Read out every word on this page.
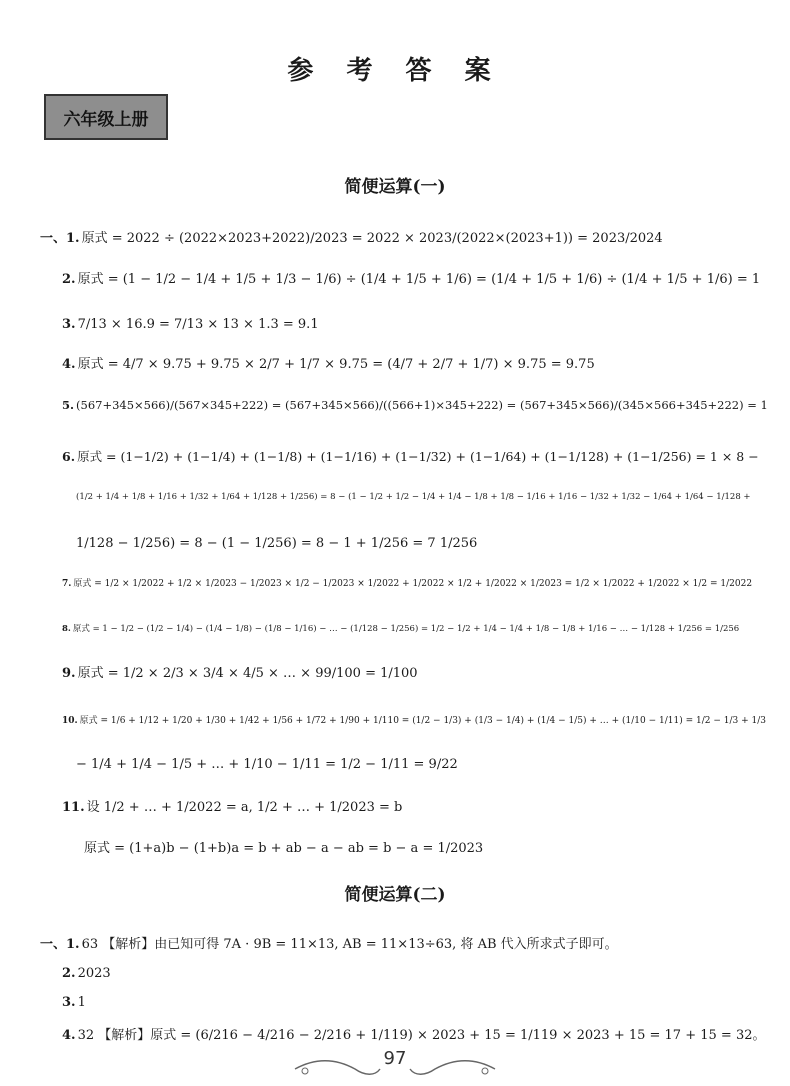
参 考 答 案
六年级上册
简便运算(一)
简便运算(二)
一、1. 原式 = 2022 ÷ (2022×2023+2022)/2023 = 2022 × 2023/(2022×(2023+1)) = 2023/2024
2. 原式 = (1 − 1/2 − 1/4 + 1/5 + 1/3 − 1/6) ÷ (1/4 + 1/5 + 1/6) = (1/4 + 1/5 + 1/6) ÷ (1/4 + 1/5 + 1/6) = 1
3. 7/13 × 16.9 = 7/13 × 13 × 1.3 = 9.1
4. 原式 = 4/7 × 9.75 + 9.75 × 2/7 + 1/7 × 9.75 = (4/7 + 2/7 + 1/7) × 9.75 = 9.75
5. (567+345×566)/(567×345+222) = (567+345×566)/((566+1)×345+222) = (567+345×566)/(345×566+345+222) = 1
6. 原式 = (1−1/2) + (1−1/4) + (1−1/8) + (1−1/16) + (1−1/32) + (1−1/64) + (1−1/128) + (1−1/256) = 1 × 8 −
(1/2 + 1/4 + 1/8 + 1/16 + 1/32 + 1/64 + 1/128 + 1/256) = 8 − (1 − 1/2 + 1/2 − 1/4 + 1/4 − 1/8 + 1/8 − 1/16 + 1/16 − 1/32 + 1/32 − 1/64 + 1/64 − 1/128 +
1/128 − 1/256) = 8 − (1 − 1/256) = 8 − 1 + 1/256 = 7 1/256
7. 原式 = 1/2 × 1/2022 + 1/2 × 1/2023 − 1/2023 × 1/2 − 1/2023 × 1/2022 + 1/2022 × 1/2 + 1/2022 × 1/2023 = 1/2 × 1/2022 + 1/2022 × 1/2 = 1/2022
8. 原式 = 1 − 1/2 − (1/2 − 1/4) − (1/4 − 1/8) − (1/8 − 1/16) − … − (1/128 − 1/256) = 1/2 − 1/2 + 1/4 − 1/4 + 1/8 − 1/8 + 1/16 − … − 1/128 + 1/256 = 1/256
9. 原式 = 1/2 × 2/3 × 3/4 × 4/5 × … × 99/100 = 1/100
10. 原式 = 1/6 + 1/12 + 1/20 + 1/30 + 1/42 + 1/56 + 1/72 + 1/90 + 1/110 = (1/2 − 1/3) + (1/3 − 1/4) + (1/4 − 1/5) + … + (1/10 − 1/11) = 1/2 − 1/3 + 1/3
− 1/4 + 1/4 − 1/5 + … + 1/10 − 1/11 = 1/2 − 1/11 = 9/22
11. 设 1/2 + … + 1/2022 = a, 1/2 + … + 1/2023 = b
原式 = (1+a)b − (1+b)a = b + ab − a − ab = b − a = 1/2023
一、1. 63 【解析】由已知可得 7A · 9B = 11×13, AB = 11×13÷63, 将 AB 代入所求式子即可。
2. 2023
3. 1
4. 32 【解析】原式 = (6/216 − 4/216 − 2/216 + 1/119) × 2023 + 15 = 1/119 × 2023 + 15 = 17 + 15 = 32。
97
